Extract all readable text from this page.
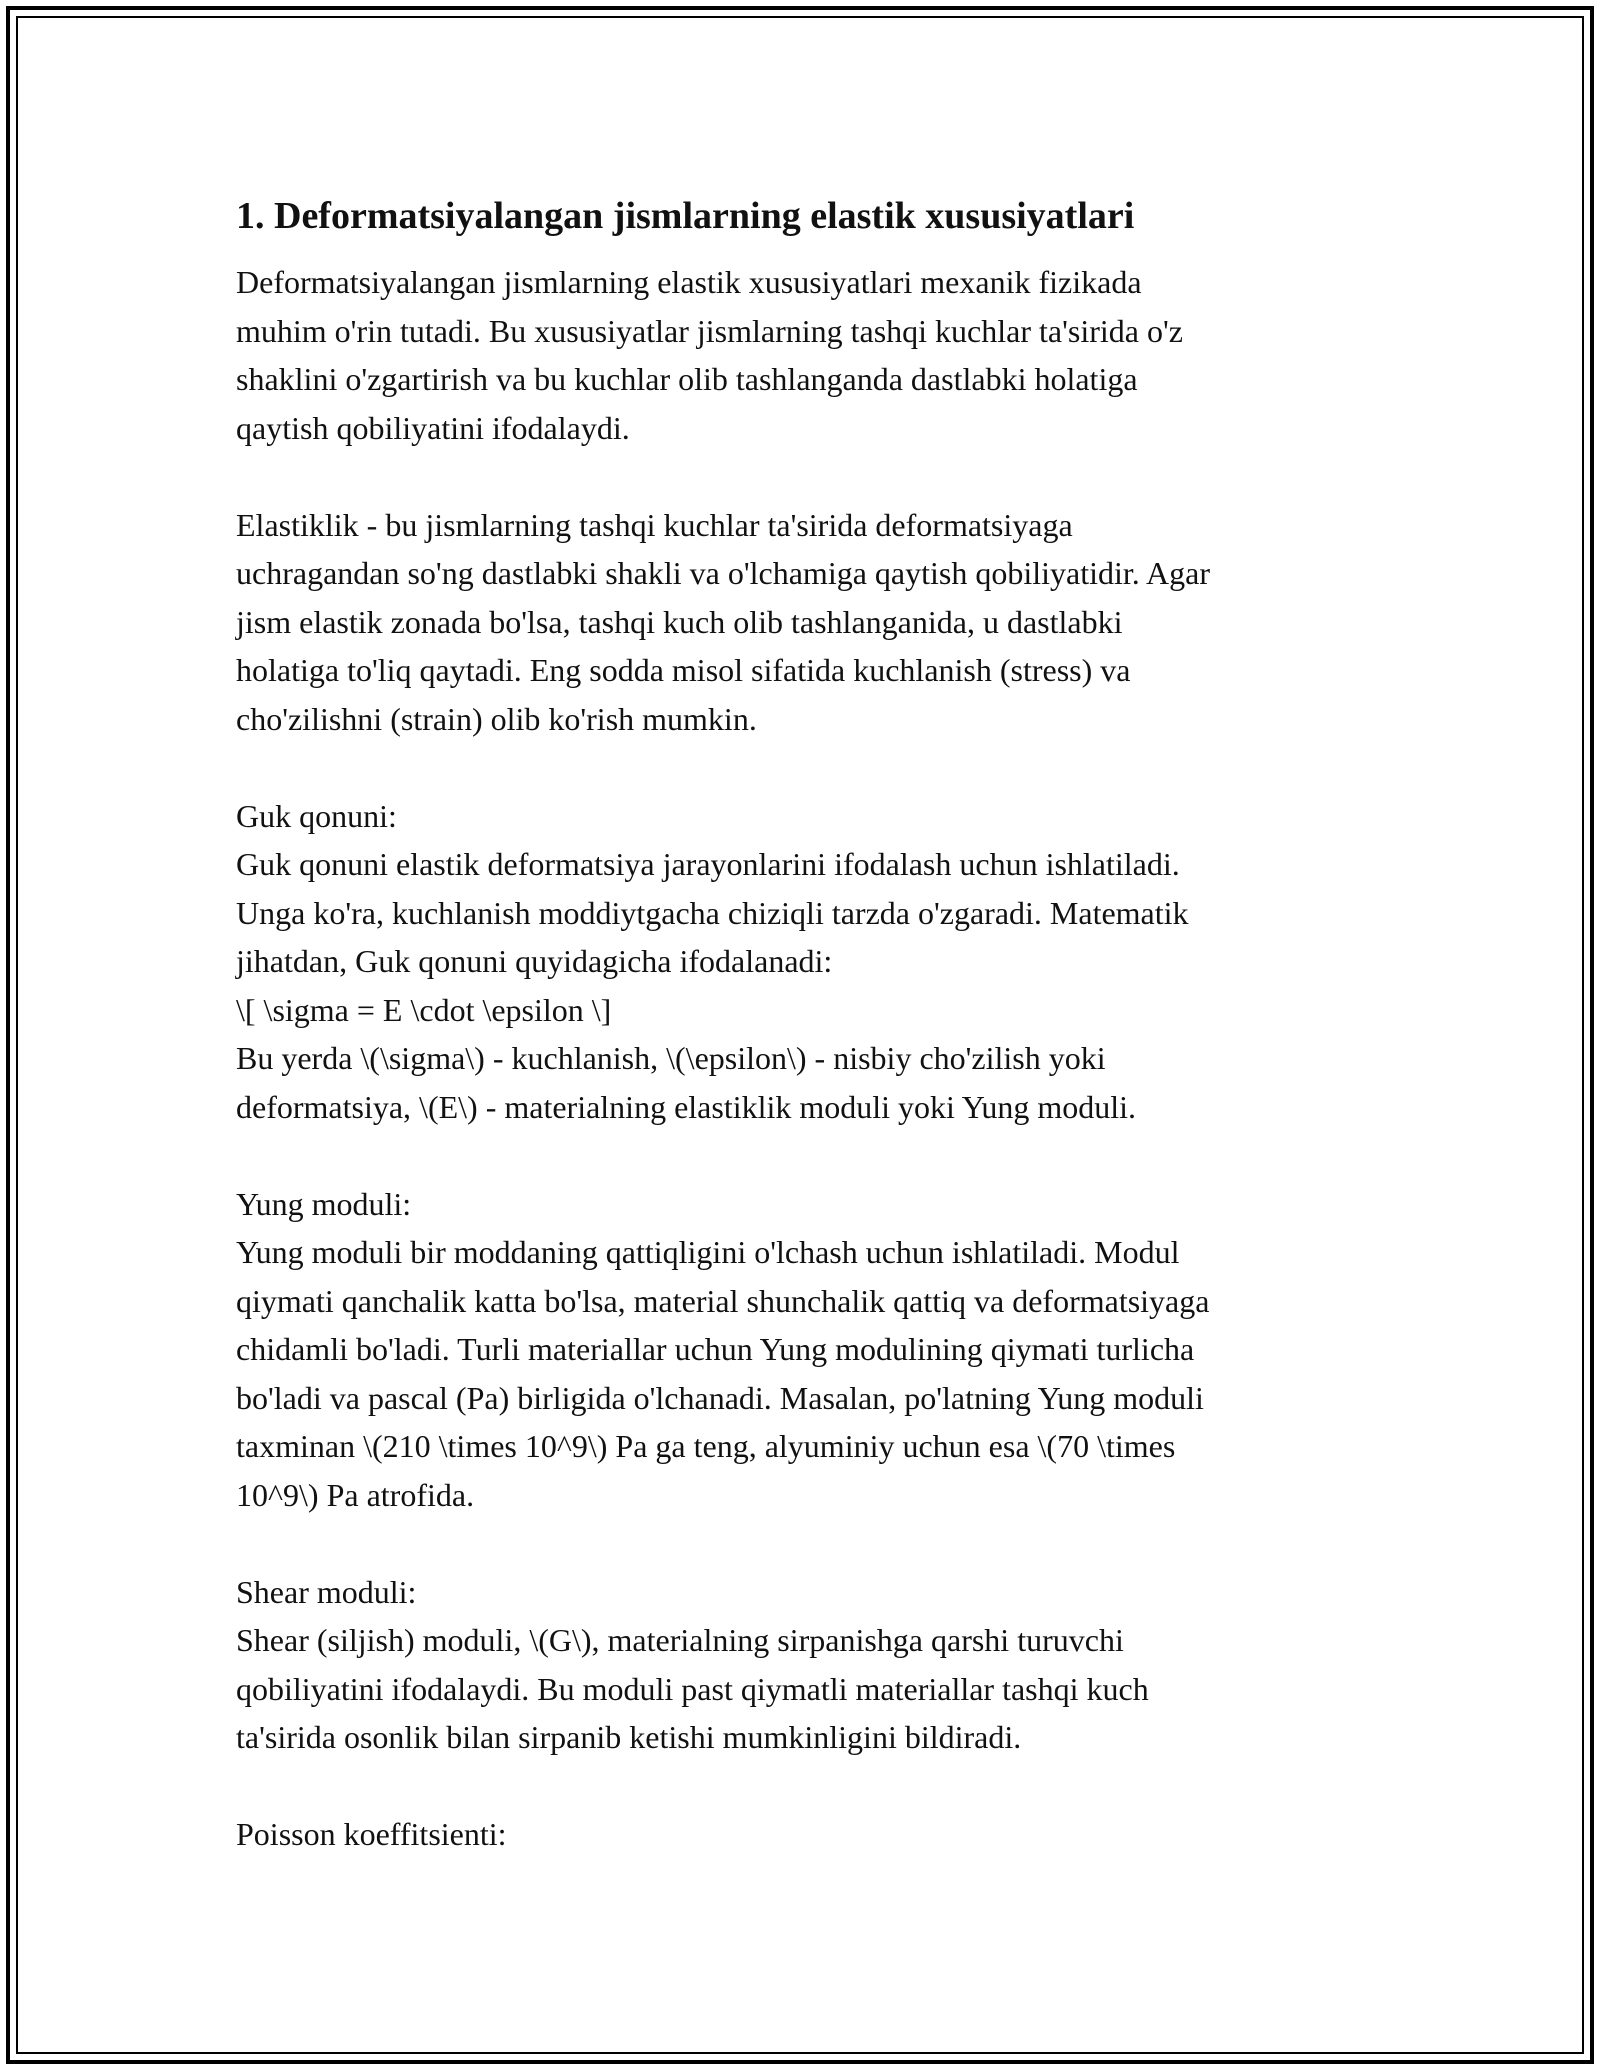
1. Deformatsiyalangan jismlarning elastik xususiyatlari

Deformatsiyalangan jismlarning elastik xususiyatlari mexanik fizikada

muhim o'rin tutadi. Bu xususiyatlar jismlarning tashqi kuchlar ta'sirida o'z

shaklini o'zgartirish va bu kuchlar olib tashlanganda dastlabki holatiga

qaytish qobiliyatini ifodalaydi.

Elastiklik - bu jismlarning tashqi kuchlar ta'sirida deformatsiyaga

uchragandan so'ng dastlabki shakli va o'lchamiga qaytish qobiliyatidir. Agar

jism elastik zonada bo'lsa, tashqi kuch olib tashlanganida, u dastlabki

holatiga to'liq qaytadi. Eng sodda misol sifatida kuchlanish (stress) va

cho'zilishni (strain) olib ko'rish mumkin.

Guk qonuni:

Guk qonuni elastik deformatsiya jarayonlarini ifodalash uchun ishlatiladi.

Unga ko'ra, kuchlanish moddiytgacha chiziqli tarzda o'zgaradi. Matematik

jihatdan, Guk qonuni quyidagicha ifodalanadi:

\[ \sigma = E \cdot \epsilon \]

Bu yerda \(\sigma\) - kuchlanish, \(\epsilon\) - nisbiy cho'zilish yoki

deformatsiya, \(E\) - materialning elastiklik moduli yoki Yung moduli.

Yung moduli:

Yung moduli bir moddaning qattiqligini o'lchash uchun ishlatiladi. Modul

qiymati qanchalik katta bo'lsa, material shunchalik qattiq va deformatsiyaga

chidamli bo'ladi. Turli materiallar uchun Yung modulining qiymati turlicha

bo'ladi va pascal (Pa) birligida o'lchanadi. Masalan, po'latning Yung moduli

taxminan \(210 \times 10^9\) Pa ga teng, alyuminiy uchun esa \(70 \times

10^9\) Pa atrofida.

Shear moduli:

Shear (siljish) moduli, \(G\), materialning sirpanishga qarshi turuvchi

qobiliyatini ifodalaydi. Bu moduli past qiymatli materiallar tashqi kuch

ta'sirida osonlik bilan sirpanib ketishi mumkinligini bildiradi.

Poisson koeffitsienti:
